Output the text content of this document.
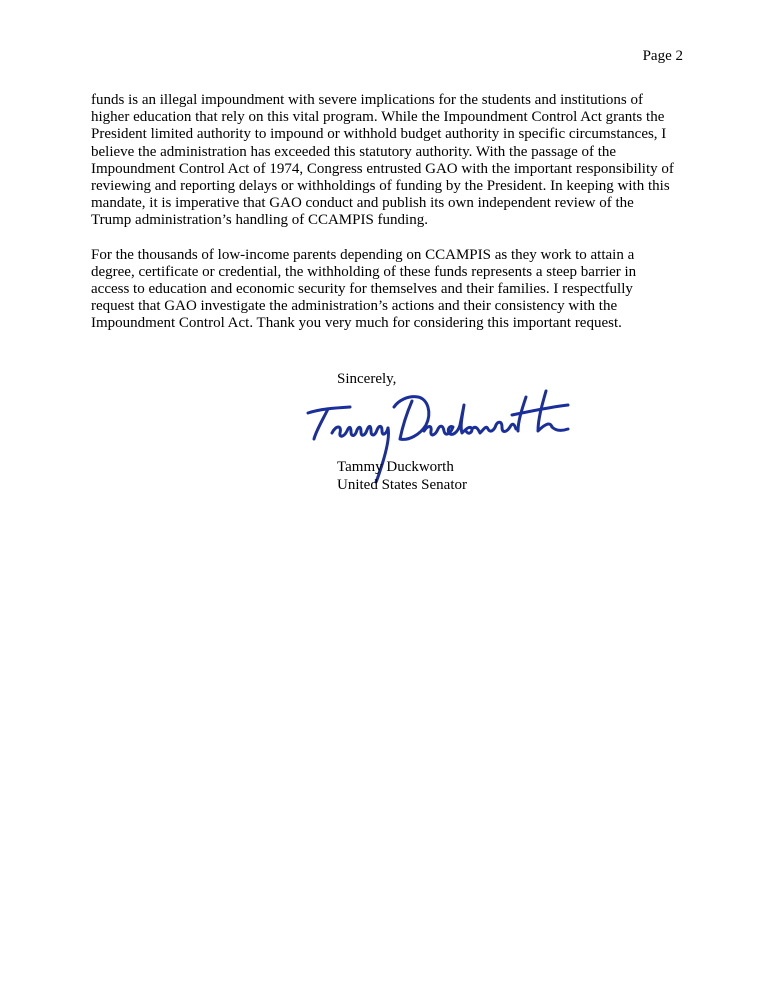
Page 2

funds is an illegal impoundment with severe implications for the students and institutions of
higher education that rely on this vital program. While the Impoundment Control Act grants the
President limited authority to impound or withhold budget authority in specific circumstances, I
believe the administration has exceeded this statutory authority. With the passage of the
Impoundment Control Act of 1974, Congress entrusted GAO with the important responsibility of
reviewing and reporting delays or withholdings of funding by the President. In keeping with this
mandate, it is imperative that GAO conduct and publish its own independent review of the
Trump administration’s handling of CCAMPIS funding.

For the thousands of low-income parents depending on CCAMPIS as they work to attain a
degree, certificate or credential, the withholding of these funds represents a steep barrier in
access to education and economic security for themselves and their families. I respectfully
request that GAO investigate the administration’s actions and their consistency with the
Impoundment Control Act. Thank you very much for considering this important request.

Sincerely,
Tammy Duckworth
United States Senator
